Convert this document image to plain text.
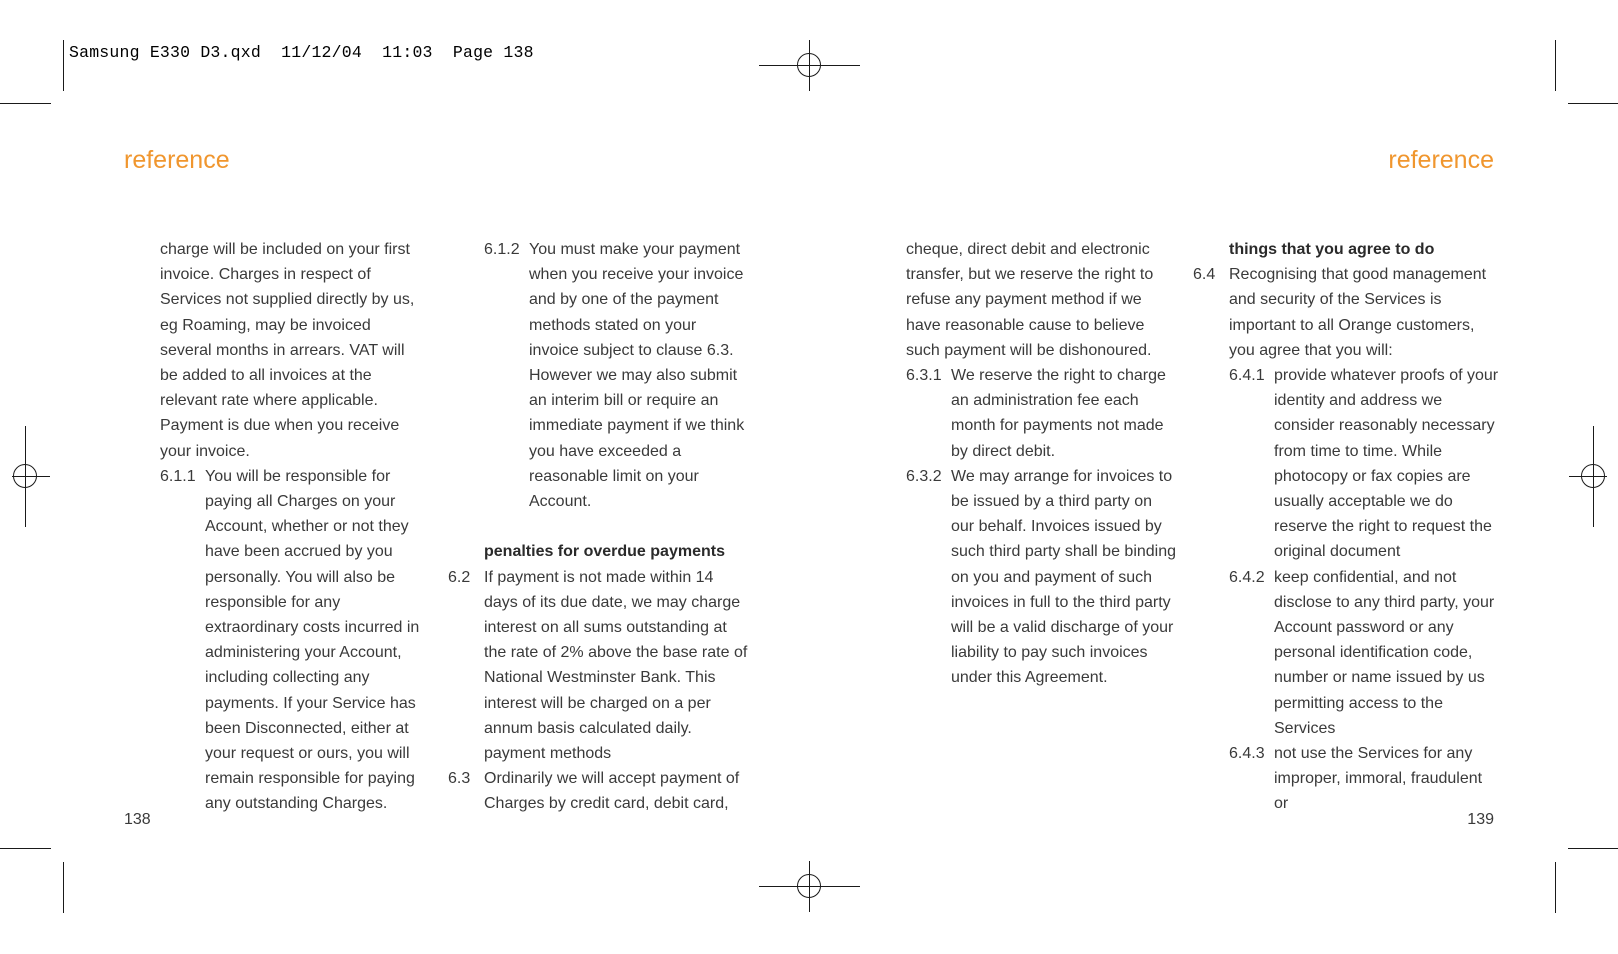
Samsung E330 D3.qxd  11/12/04  11:03  Page 138
reference	reference

charge will be included on your first invoice. Charges in respect of Services not supplied directly by us, eg Roaming, may be invoiced several months in arrears. VAT will be added to all invoices at the relevant rate where applicable. Payment is due when you receive your invoice.

6.1.1 You will be responsible for paying all Charges on your Account, whether or not they have been accrued by you personally. You will also be responsible for any extraordinary costs incurred in administering your Account, including collecting any payments. If your Service has been Disconnected, either at your request or ours, you will remain responsible for paying any outstanding Charges.
6.1.2 You must make your payment when you receive your invoice and by one of the payment methods stated on your invoice subject to clause 6.3. However we may also submit an interim bill or require an immediate payment if we think you have exceeded a reasonable limit on your Account.

penalties for overdue payments

6.2 If payment is not made within 14 days of its due date, we may charge interest on all sums outstanding at the rate of 2% above the base rate of National Westminster Bank. This interest will be charged on a per annum basis calculated daily.

payment methods

6.3 Ordinarily we will accept payment of Charges by credit card, debit card,

cheque, direct debit and electronic transfer, but we reserve the right to refuse any payment method if we have reasonable cause to believe such payment will be dishonoured.

6.3.1 We reserve the right to charge an administration fee each month for payments not made by direct debit.
6.3.2 We may arrange for invoices to be issued by a third party on our behalf. Invoices issued by such third party shall be binding on you and payment of such invoices in full to the third party will be a valid discharge of your liability to pay such invoices under this Agreement.

things that you agree to do

6.4 Recognising that good management and security of the Services is important to all Orange customers, you agree that you will:
6.4.1 provide whatever proofs of your identity and address we consider reasonably necessary from time to time. While photocopy or fax copies are usually acceptable we do reserve the right to request the original document
6.4.2 keep confidential, and not disclose to any third party, your Account password or any personal identification code, number or name issued by us permitting access to the Services
6.4.3 not use the Services for any improper, immoral, fraudulent or
138	139
